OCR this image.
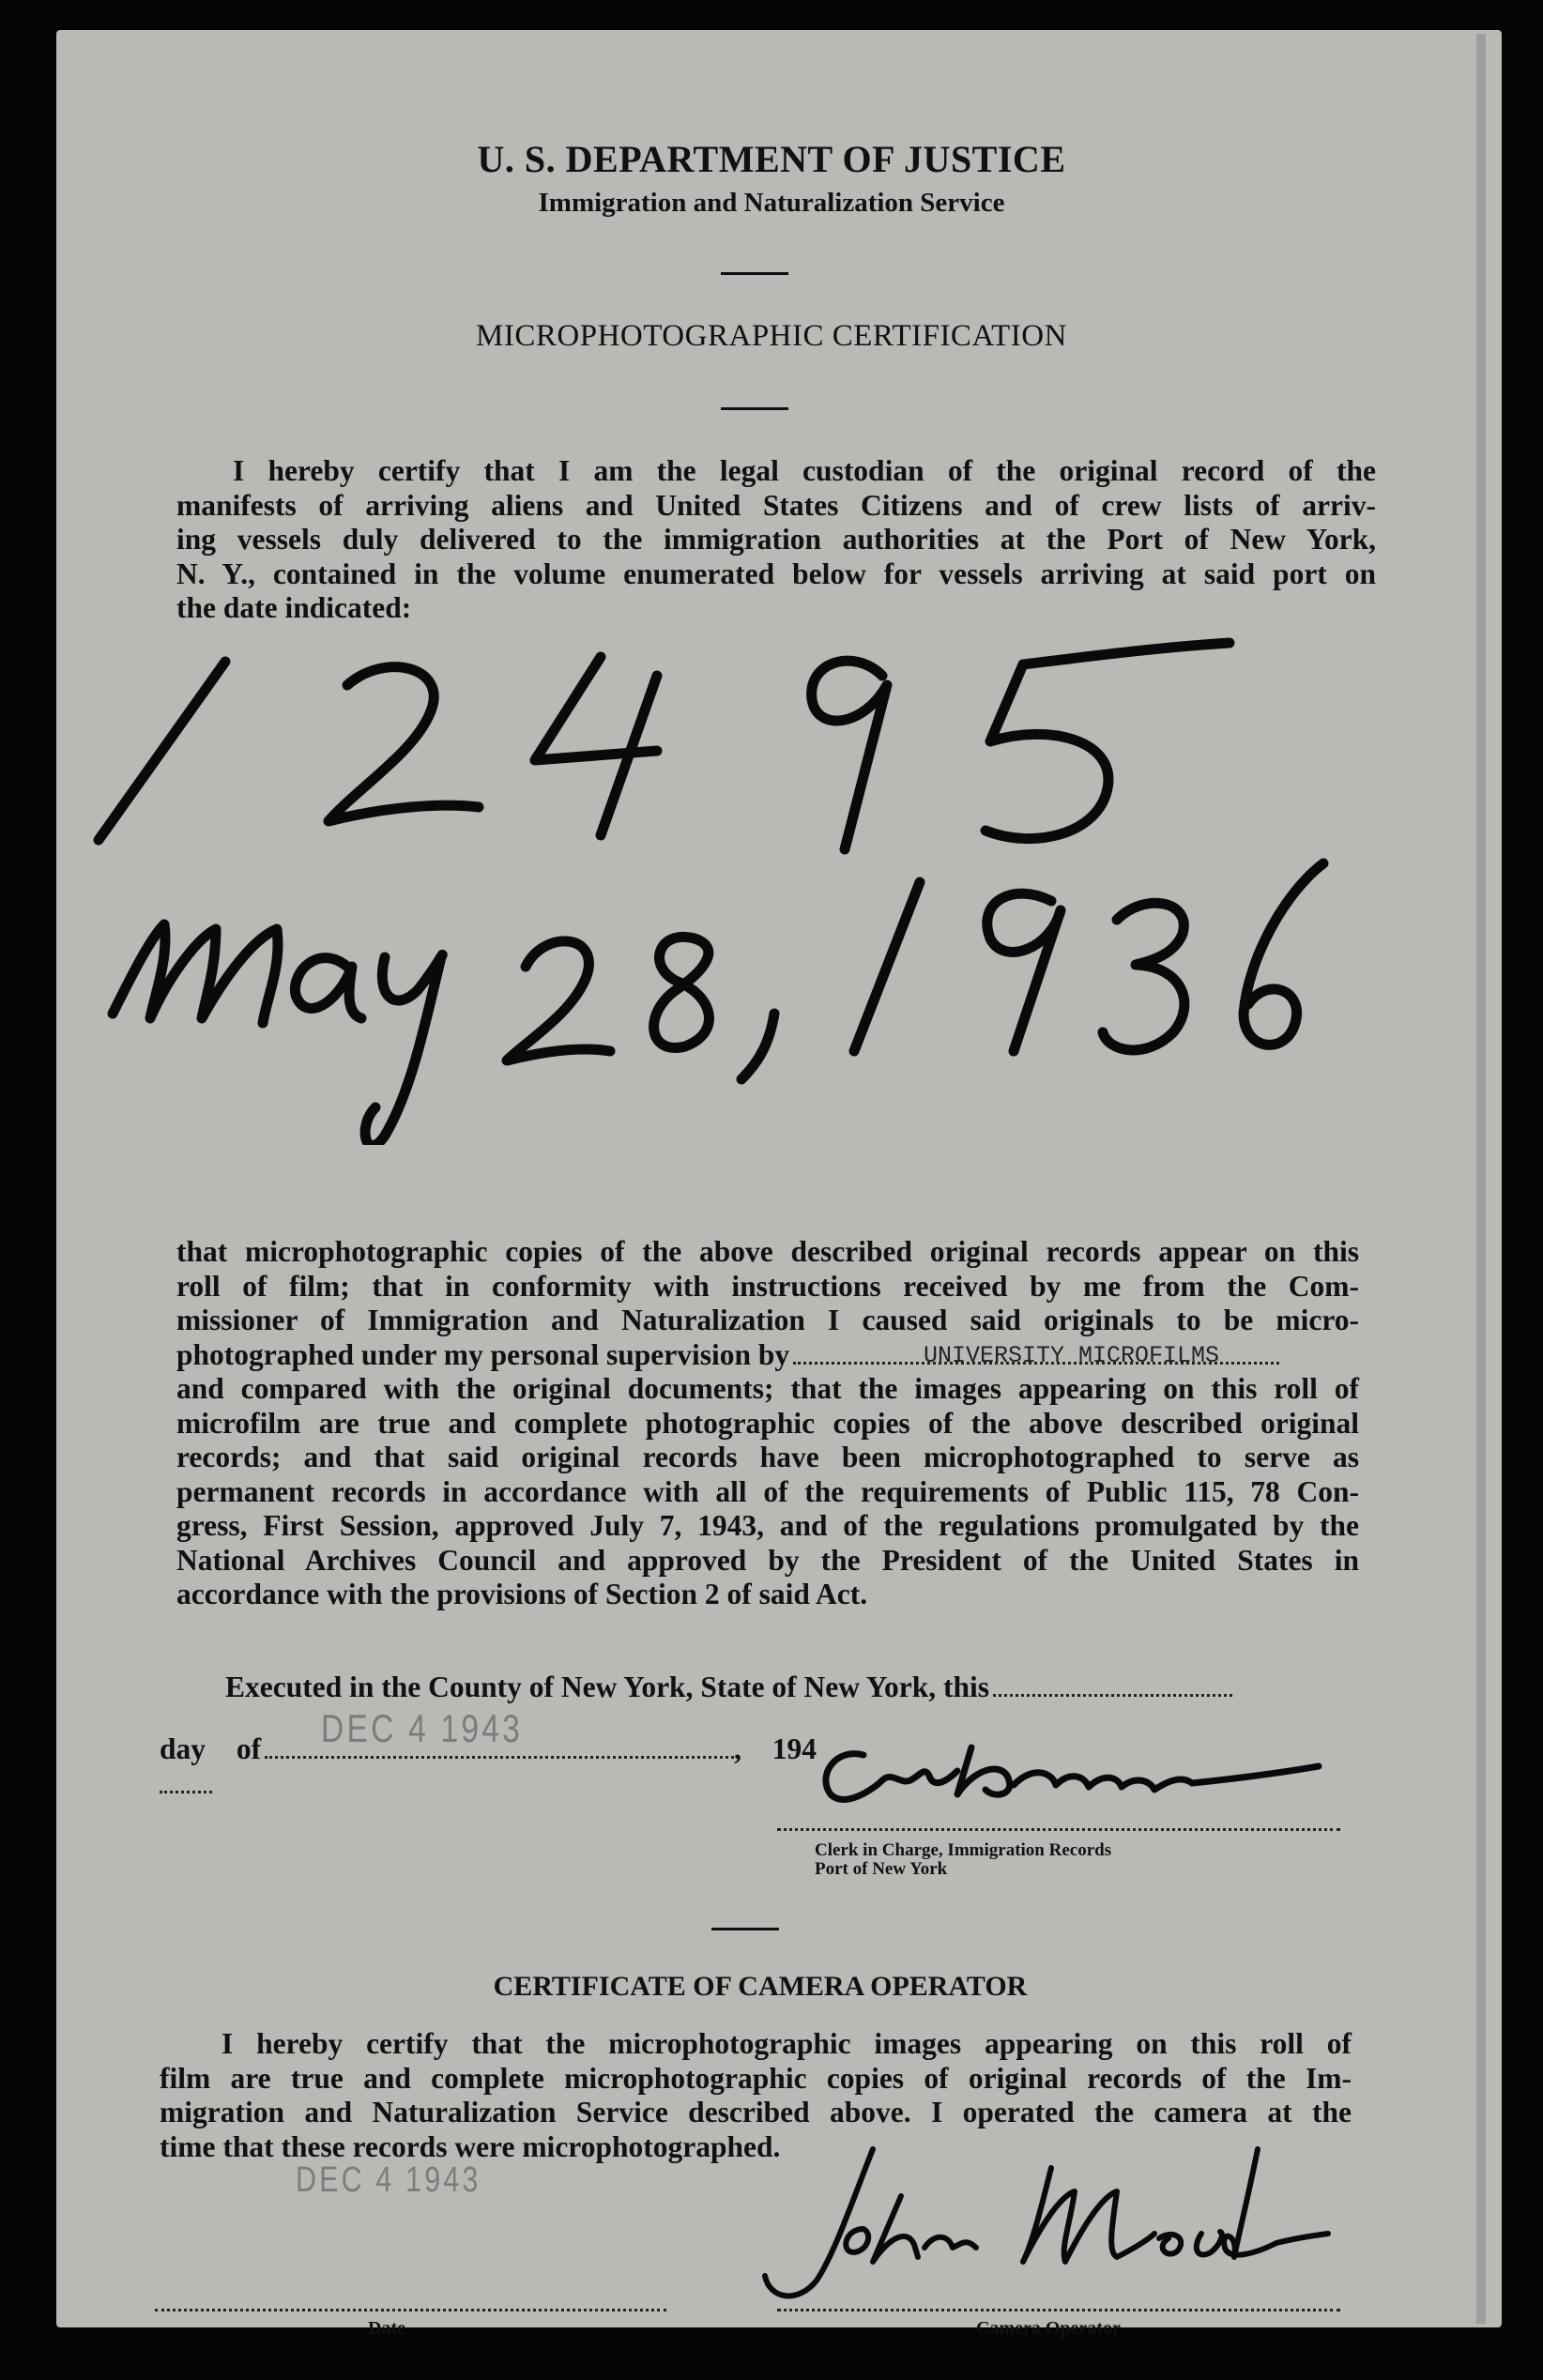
U. S. DEPARTMENT OF JUSTICE
Immigration and Naturalization Service
MICROPHOTOGRAPHIC CERTIFICATION

I hereby certify that I am the legal custodian of the original record of the

manifests of arriving aliens and United States Citizens and of crew lists of arriv-

ing vessels duly delivered to the immigration authorities at the Port of New York,

N. Y., contained in the volume enumerated below for vessels arriving at said port on

the date indicated:

that microphotographic copies of the above described original records appear on this

roll of film; that in conformity with instructions received by me from the Com-

missioner of Immigration and Naturalization I caused said originals to be micro-

photographed under my personal supervision by

and compared with the original documents; that the images appearing on this roll of

microfilm are true and complete photographic copies of the above described original

records; and that said original records have been microphotographed to serve as

permanent records in accordance with all of the requirements of Public 115, 78 Con-

gress, First Session, approved July 7, 1943, and of the regulations promulgated by the

National Archives Council and approved by the President of the United States in

accordance with the provisions of Section 2 of said Act.

UNIVERSITY MICROFILMS
Executed in the County of New York, State of New York, this
day of	, 194
DEC 4 1943
Clerk in Charge, Immigration Records
Port of New York
CERTIFICATE OF CAMERA OPERATOR

I hereby certify that the microphotographic images appearing on this roll of

film are true and complete microphotographic copies of original records of the Im-

migration and Naturalization Service described above. I operated the camera at the

time that these records were microphotographed.

DEC 4 1943
Date	Camera Operator
